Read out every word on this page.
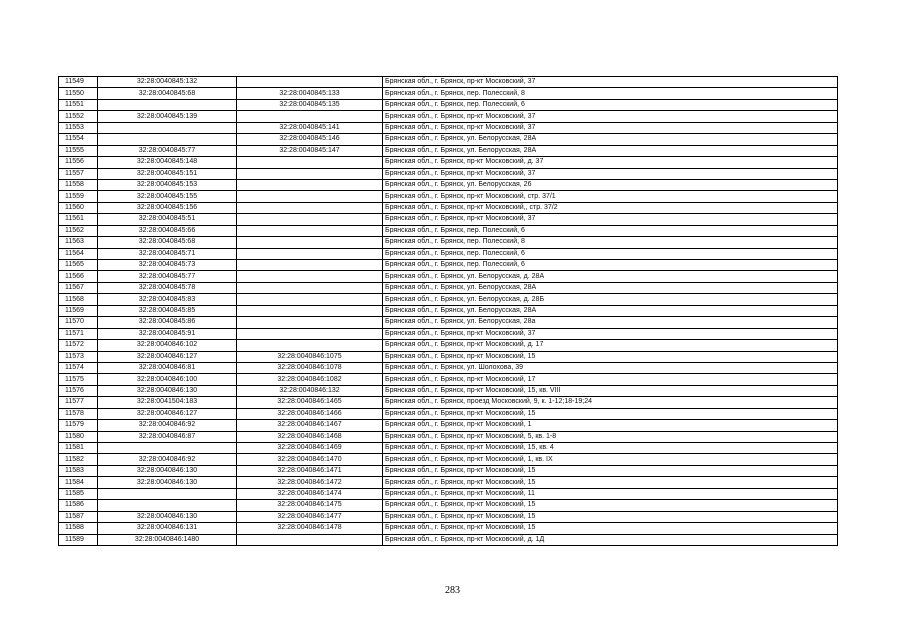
11549	32:28:0040845:132		Брянская обл., г. Брянск, пр-кт Московский, 37
11550	32:28:0040845:68	32:28:0040845:133	Брянская обл., г. Брянск, пер. Полесский, 8
11551		32:28:0040845:135	Брянская обл., г. Брянск, пер. Полесский, 6
11552	32:28:0040845:139		Брянская обл., г. Брянск, пр-кт Московский, 37
11553		32:28:0040845:141	Брянская обл., г. Брянск, пр-кт Московский, 37
11554		32:28:0040845:146	Брянская обл., г. Брянск, ул. Белорусская, 28А
11555	32:28:0040845:77	32:28:0040845:147	Брянская обл., г. Брянск, ул. Белорусская, 28А
11556	32:28:0040845:148		Брянская обл., г. Брянск, пр-кт Московский, д. 37
11557	32:28:0040845:151		Брянская обл., г. Брянск, пр-кт Московский, 37
11558	32:28:0040845:153		Брянская обл., г. Брянск, ул. Белорусская, 26
11559	32:28:0040845:155		Брянская обл., г. Брянск, пр-кт Московский, стр. 37/1
11560	32:28:0040845:156		Брянская обл., г. Брянск, пр-кт Московский,, стр. 37/2
11561	32:28:0040845:51		Брянская обл., г. Брянск, пр-кт Московский, 37
11562	32:28:0040845:66		Брянская обл., г. Брянск, пер. Полесский, 6
11563	32:28:0040845:68		Брянская обл., г. Брянск, пер. Полесский, 8
11564	32:28:0040845:71		Брянская обл., г. Брянск, пер. Полесский, 6
11565	32:28:0040845:73		Брянская обл., г. Брянск, пер. Полесский, 6
11566	32:28:0040845:77		Брянская обл., г. Брянск, ул. Белорусская, д. 28А
11567	32:28:0040845:78		Брянская обл., г. Брянск, ул. Белорусская, 28А
11568	32:28:0040845:83		Брянская обл., г. Брянск, ул. Белорусская, д. 28Б
11569	32:28:0040845:85		Брянская обл., г. Брянск, ул. Белорусская, 28А
11570	32:28:0040845:86		Брянская обл., г. Брянск, ул. Белорусская, 28а
11571	32:28:0040845:91		Брянская обл., г. Брянск, пр-кт Московский, 37
11572	32:28:0040846:102		Брянская обл., г. Брянск, пр-кт Московский, д. 17
11573	32:28:0040846:127	32:28:0040846:1075	Брянская обл., г. Брянск, пр-кт Московский, 15
11574	32:28:0040846:81	32:28:0040846:1078	Брянская обл., г. Брянск, ул. Шолохова, 39
11575	32:28:0040846:100	32:28:0040846:1082	Брянская обл., г. Брянск, пр-кт Московский, 17
11576	32:28:0040846:130	32:28:0040846:132	Брянская обл., г. Брянск, пр-кт Московский, 15, кв. VIII
11577	32:28:0041504:183	32:28:0040846:1465	Брянская обл., г. Брянск, проезд Московский, 9, к. 1-12;18-19;24
11578	32:28:0040846:127	32:28:0040846:1466	Брянская обл., г. Брянск, пр-кт Московский, 15
11579	32:28:0040846:92	32:28:0040846:1467	Брянская обл., г. Брянск, пр-кт Московский, 1
11580	32:28:0040846:87	32:28:0040846:1468	Брянская обл., г. Брянск, пр-кт Московский, 5, кв. 1-8
11581		32:28:0040846:1469	Брянская обл., г. Брянск, пр-кт Московский, 15, кв. 4
11582	32:28:0040846:92	32:28:0040846:1470	Брянская обл., г. Брянск, пр-кт Московский, 1, кв. IX
11583	32:28:0040846:130	32:28:0040846:1471	Брянская обл., г. Брянск, пр-кт Московский, 15
11584	32:28:0040846:130	32:28:0040846:1472	Брянская обл., г. Брянск, пр-кт Московский, 15
11585		32:28:0040846:1474	Брянская обл., г. Брянск, пр-кт Московский, 11
11586		32:28:0040846:1475	Брянская обл., г. Брянск, пр-кт Московский, 15
11587	32:28:0040846:130	32:28:0040846:1477	Брянская обл., г. Брянск, пр-кт Московский, 15
11588	32:28:0040846:131	32:28:0040846:1478	Брянская обл., г. Брянск, пр-кт Московский, 15
11589	32:28:0040846:1480		Брянская обл., г. Брянск, пр-кт Московский, д. 1Д
283
